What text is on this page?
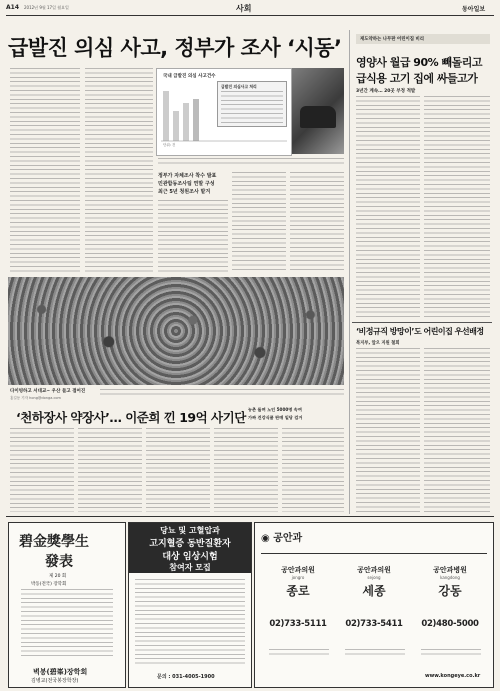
A14 2012년 9월 17일 월요일	사회	동아일보
급발진 의심 사고, 정부가 조사 ‘시동’
국내 급발진 의심 사고건수
급발진 의심사고 처리
단위: 건
정부가 자체조사 착수 발표
민관합동조사팀 연말 구성
최근 5년 청원조사 맡겨
다이빙하고 서대교~ 우산 들고 접어진
홍길동 기자 hong@donga.com
‘천하장사 약장사’… 이준희 낀 19억 사기단
농촌 돌며 노인 5000명 속여
가짜 건강식품 판매 일당 검거
재도약하는 나무판 어린이집 비리
영양사 월급 90% 빼돌리고
급식용 고기 집에 싸들고가
3년간 계속… 20곳 부정 적발
‘비정규직 방망이’도 어린이집 우선배정
복지부, 앞으 지원 철회
碧金獎學生
發表
제 20 회
박동(전국) 장학회
벽봉(碧峯)장학회
김병교(전국봉장학장)
당뇨 및 고혈압과
고지혈증 동반질환자
대상 임상시험
참여자 모집
문의 : 031-4005-1900
◉ 공안과
공안과의원
jongro
종로
02)733-5111
공안과의원
sejong
세종
02)733-5411
공안과병원
kangdong
강동
02)480-5000
www.kongeye.co.kr
